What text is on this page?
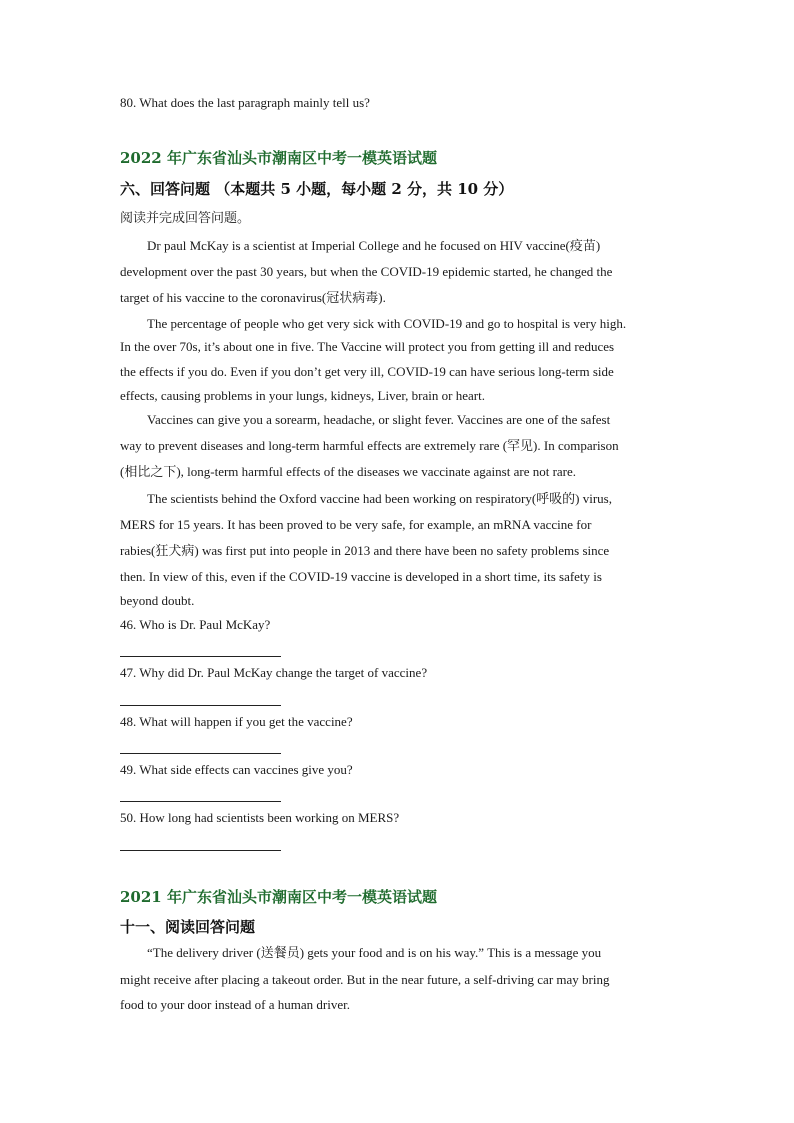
80. What does the last paragraph mainly tell us?
2022 年广东省汕头市潮南区中考一模英语试题
六、回答问题 （本题共 5 小题，每小题 2 分，共 10 分）
阅读并完成回答问题。
Dr paul McKay is a scientist at Imperial College and he focused on HIV vaccine(疫苗)
development over the past 30 years, but when the COVID-19 epidemic started, he changed the
target of his vaccine to the coronavirus(冠状病毒).
The percentage of people who get very sick with COVID-19 and go to hospital is very high.
In the over 70s, it’s about one in five. The Vaccine will protect you from getting ill and reduces
the effects if you do. Even if you don’t get very ill, COVID-19 can have serious long-term side
effects, causing problems in your lungs, kidneys, Liver, brain or heart.
Vaccines can give you a sorearm, headache, or slight fever. Vaccines are one of the safest
way to prevent diseases and long-term harmful effects are extremely rare (罕见). In comparison
(相比之下), long-term harmful effects of the diseases we vaccinate against are not rare.
The scientists behind the Oxford vaccine had been working on respiratory(呼吸的) virus,
MERS for 15 years. It has been proved to be very safe, for example, an mRNA vaccine for
rabies(狂犬病) was first put into people in 2013 and there have been no safety problems since
then. In view of this, even if the COVID-19 vaccine is developed in a short time, its safety is
beyond doubt.
46. Who is Dr. Paul McKay?
47. Why did Dr. Paul McKay change the target of vaccine?
48. What will happen if you get the vaccine?
49. What side effects can vaccines give you?
50. How long had scientists been working on MERS?
2021 年广东省汕头市潮南区中考一模英语试题
十一、阅读回答问题
“The delivery driver (送餐员) gets your food and is on his way.” This is a message you
might receive after placing a takeout order. But in the near future, a self-driving car may bring
food to your door instead of a human driver.
